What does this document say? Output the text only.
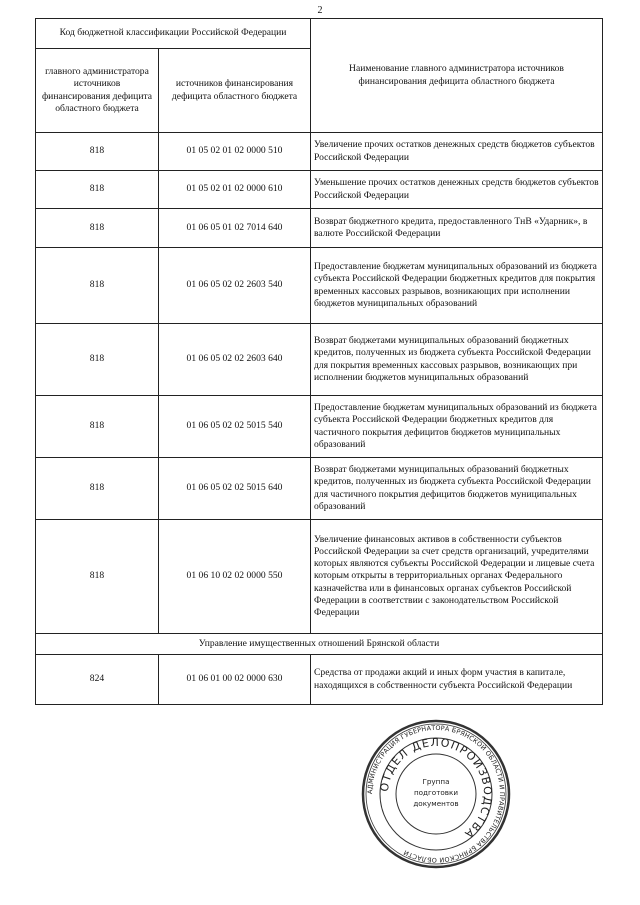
2
Код бюджетной классификации Российской Федерации		Наименование главного администратора источников финансирования дефицита областного бюджета
главного администратора источников финансирования дефицита областного бюджета	источников финансирования дефицита областного бюджета	
818	01 05 02 01 02 0000 510	Увеличение прочих остатков денежных средств бюджетов субъектов Российской Федерации
818	01 05 02 01 02 0000 610	Уменьшение прочих остатков денежных средств бюджетов субъектов Российской Федерации
818	01 06 05 01 02 7014 640	Возврат бюджетного кредита, предоставленного ТнВ «Ударник», в валюте Российской Федерации
818	01 06 05 02 02 2603 540	Предоставление бюджетам муниципальных образований из бюджета субъекта Российской Федерации бюджетных кредитов для покрытия временных кассовых разрывов, возникающих при исполнении бюджетов муниципальных образований
818	01 06 05 02 02 2603 640	Возврат бюджетами муниципальных образований бюджетных кредитов, полученных из бюджета субъекта Российской Федерации для покрытия временных кассовых разрывов, возникающих при исполнении бюджетов муниципальных образований
818	01 06 05 02 02 5015 540	Предоставление бюджетам муниципальных образований из бюджета субъекта Российской Федерации бюджетных кредитов для частичного покрытия дефицитов бюджетов муниципальных образований
818	01 06 05 02 02 5015 640	Возврат бюджетами муниципальных образований бюджетных кредитов, полученных из бюджета субъекта Российской Федерации для частичного покрытия дефицитов бюджетов муниципальных образований
818	01 06 10 02 02 0000 550	Увеличение финансовых активов в собственности субъектов Российской Федерации за счет средств организаций, учредителями которых являются субъекты Российской Федерации и лицевые счета которым открыты в территориальных органах Федерального казначейства или в финансовых органах субъектов Российской Федерации в соответствии с законодательством Российской Федерации
Управление имущественных отношений Брянской области		
824	01 06 01 00 02 0000 630	Средства от продажи акций и иных форм участия в капитале, находящихся в собственности субъекта Российской Федерации
АДМИНИСТРАЦИЯ ГУБЕРНАТОРА БРЯНСКОЙ ОБЛАСТИ И ПРАВИТЕЛЬСТВА БРЯНСКОЙ ОБЛАСТИ
ОТДЕЛ ДЕЛОПРОИЗВОДСТВА
Группа
подготовки
документов
